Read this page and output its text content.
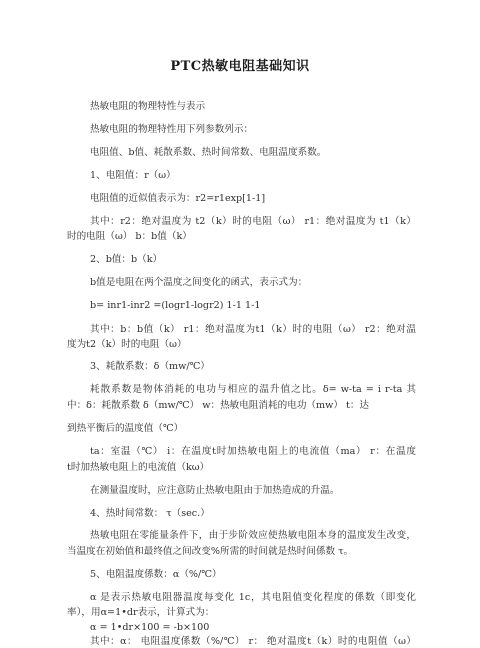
PTC热敏电阻基础知识
热敏电阻的物理特性与表示
热敏电阻的物理特性用下列参数列示：
电阻值、b值、耗散系数、热时间常数、电阻温度系数。
1、电阻值：r（ω）
电阻值的近似值表示为：r2=r1exp[1-1]
其中：r2：绝对温度为 t2（k）时的电阻（ω） r1：绝对温度为 t1（k）
时的电阻（ω） b：b值（k）
2、b值：b（k）
b值是电阻在两个温度之间变化的函式，表示式为：
b= inr1-inr2 =(logr1-logr2) 1-1 1-1
其中：b：b值（k） r1：绝对温度为t1（k）时的电阻（ω） r2：绝对温
度为t2（k）时的电阻（ω）
3、耗散系数：δ（mw/℃）
耗散系数是物体消耗的电功与相应的温升值之比。δ= w-ta = i r-ta 其
中：δ：耗散系数 δ（mw/℃） w：热敏电阻消耗的电功（mw） t：达
到热平衡后的温度值（℃）
ta：室温（℃） i：在温度t时加热敏电阻上的电流值（ma） r：在温度
t时加热敏电阻上的电流值（kω）
在测量温度时，应注意防止热敏电阻由于加热造成的升温。
4、热时间常数： τ（sec.）
热敏电阻在零能量条件下，由于步阶效应使热敏电阻本身的温度发生改变，
当温度在初始值和最终值之间改变%所需的时间就是热时间係数 τ。
5、电阻温度係数：α（%/℃）
α 是表示热敏电阻器温度每变化 1c，其电阻值变化程度的係数（即变化
率），用α=1•dr表示，计算式为：
α = 1•dr×100 = -b×100
其中：α： 电阻温度係数（%/℃） r： 绝对温度t（k）时的电阻值（ω）
